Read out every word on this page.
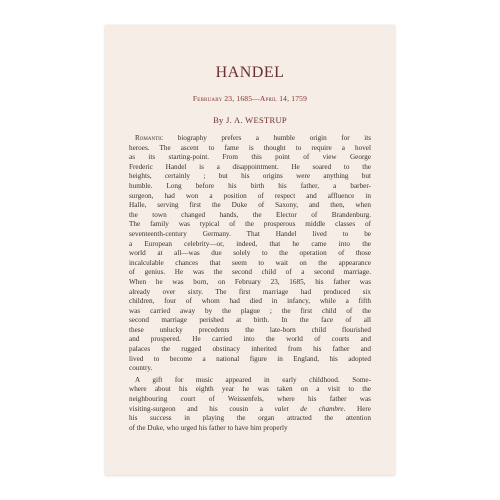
HANDEL
February 23, 1685—April 14, 1759
By J. A. WESTRUP
Romantic biography prefers a humble origin for its
heroes. The ascent to fame is thought to require a hovel
as its starting-point. From this point of view George
Frederic Handel is a disappointment. He soared to the
heights, certainly ; but his origins were anything but
humble. Long before his birth his father, a barber-
surgeon, had won a position of respect and affluence in
Halle, serving first the Duke of Saxony, and then, when
the town changed hands, the Elector of Brandenburg.
The family was typical of the prosperous middle classes of
seventeenth-century Germany. That Handel lived to be
a European celebrity—or, indeed, that he came into the
world at all—was due solely to the operation of those
incalculable chances that seem to wait on the appearance
of genius. He was the second child of a second marriage.
When he was born, on February 23, 1685, his father was
already over sixty. The first marriage had produced six
children, four of whom had died in infancy, while a fifth
was carried away by the plague ; the first child of the
second marriage perished at birth. In the face of all
these unlucky precedents the late-born child flourished
and prospered. He carried into the world of courts and
palaces the rugged obstinacy inherited from his father and
lived to become a national figure in England, his adopted
country.
A gift for music appeared in early childhood. Some-
where about his eighth year he was taken on a visit to the
neighbouring court of Weissenfels, where his father was
visiting-surgeon and his cousin a valet de chambre. Here
his success in playing the organ attracted the attention
of the Duke, who urged his father to have him properly
